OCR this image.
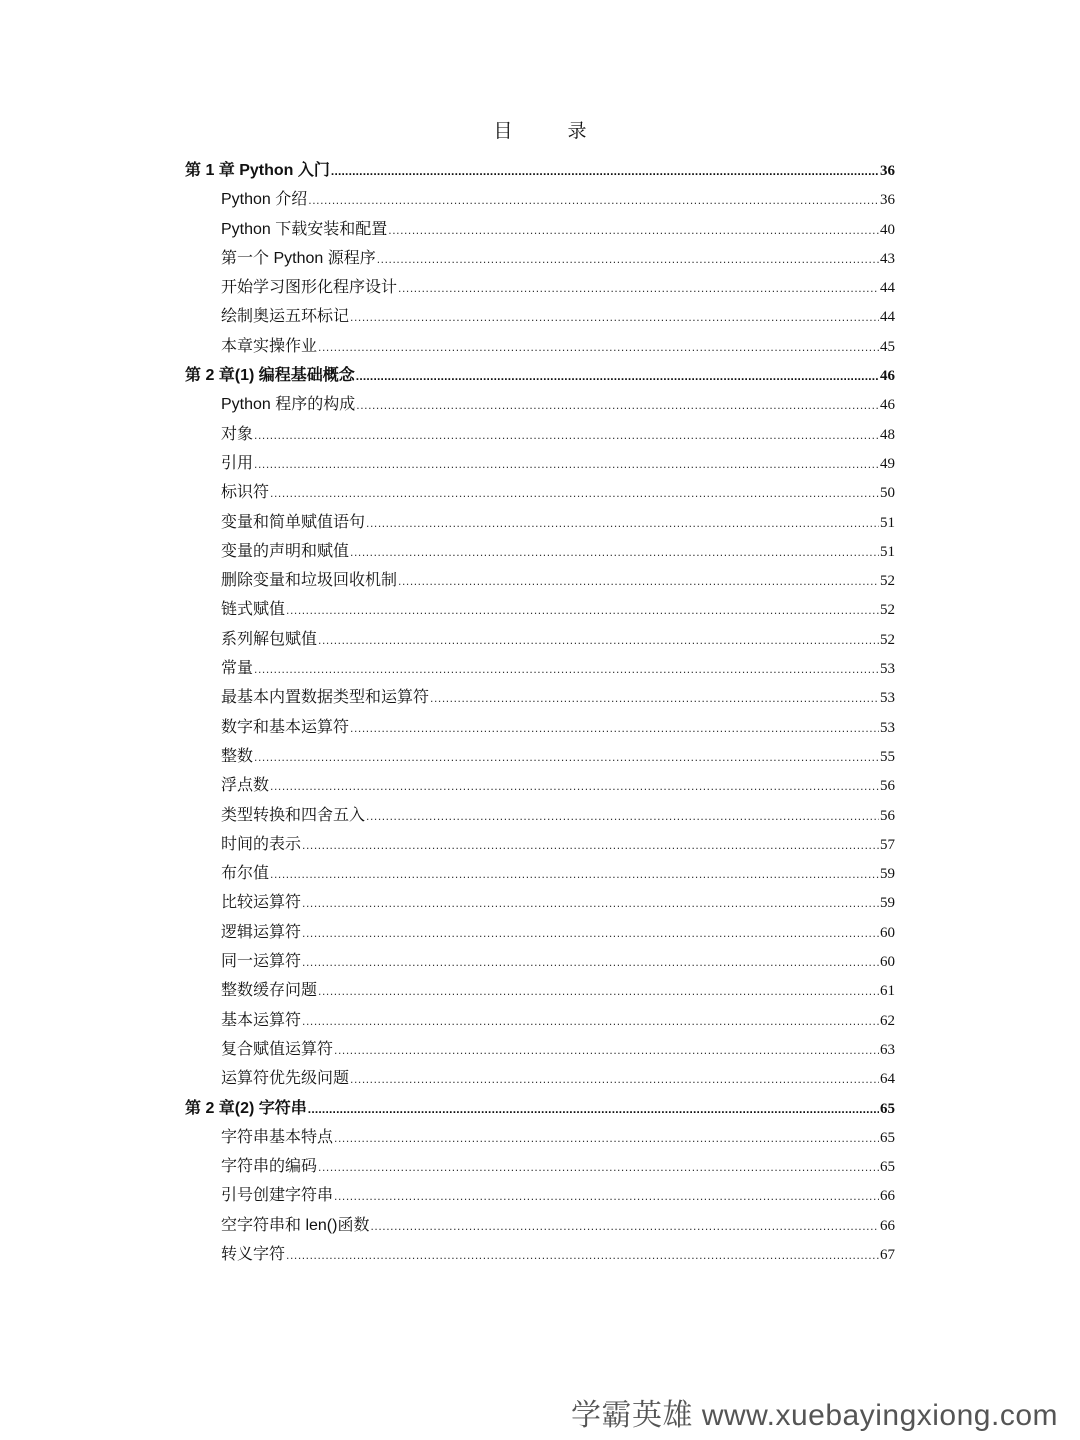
目　录
第 1 章 Python 入门 .....	36
Python 介绍 .....	36
Python 下载安装和配置 .....	40
第一个 Python 源程序 .....	43
开始学习图形化程序设计 .....	44
绘制奥运五环标记 .....	44
本章实操作业 .....	45
第 2 章(1) 编程基础概念 .....	46
Python 程序的构成 .....	46
对象 .....	48
引用 .....	49
标识符 .....	50
变量和简单赋值语句 .....	51
变量的声明和赋值 .....	51
删除变量和垃圾回收机制 .....	52
链式赋值 .....	52
系列解包赋值 .....	52
常量 .....	53
最基本内置数据类型和运算符 .....	53
数字和基本运算符 .....	53
整数 .....	55
浮点数 .....	56
类型转换和四舍五入 .....	56
时间的表示 .....	57
布尔值 .....	59
比较运算符 .....	59
逻辑运算符 .....	60
同一运算符 .....	60
整数缓存问题 .....	61
基本运算符 .....	62
复合赋值运算符 .....	63
运算符优先级问题 .....	64
第 2 章(2) 字符串 .....	65
字符串基本特点 .....	65
字符串的编码 .....	65
引号创建字符串 .....	66
空字符串和 len()函数 .....	66
转义字符 .....	67
学霸英雄 www.xuebayingxiong.com
